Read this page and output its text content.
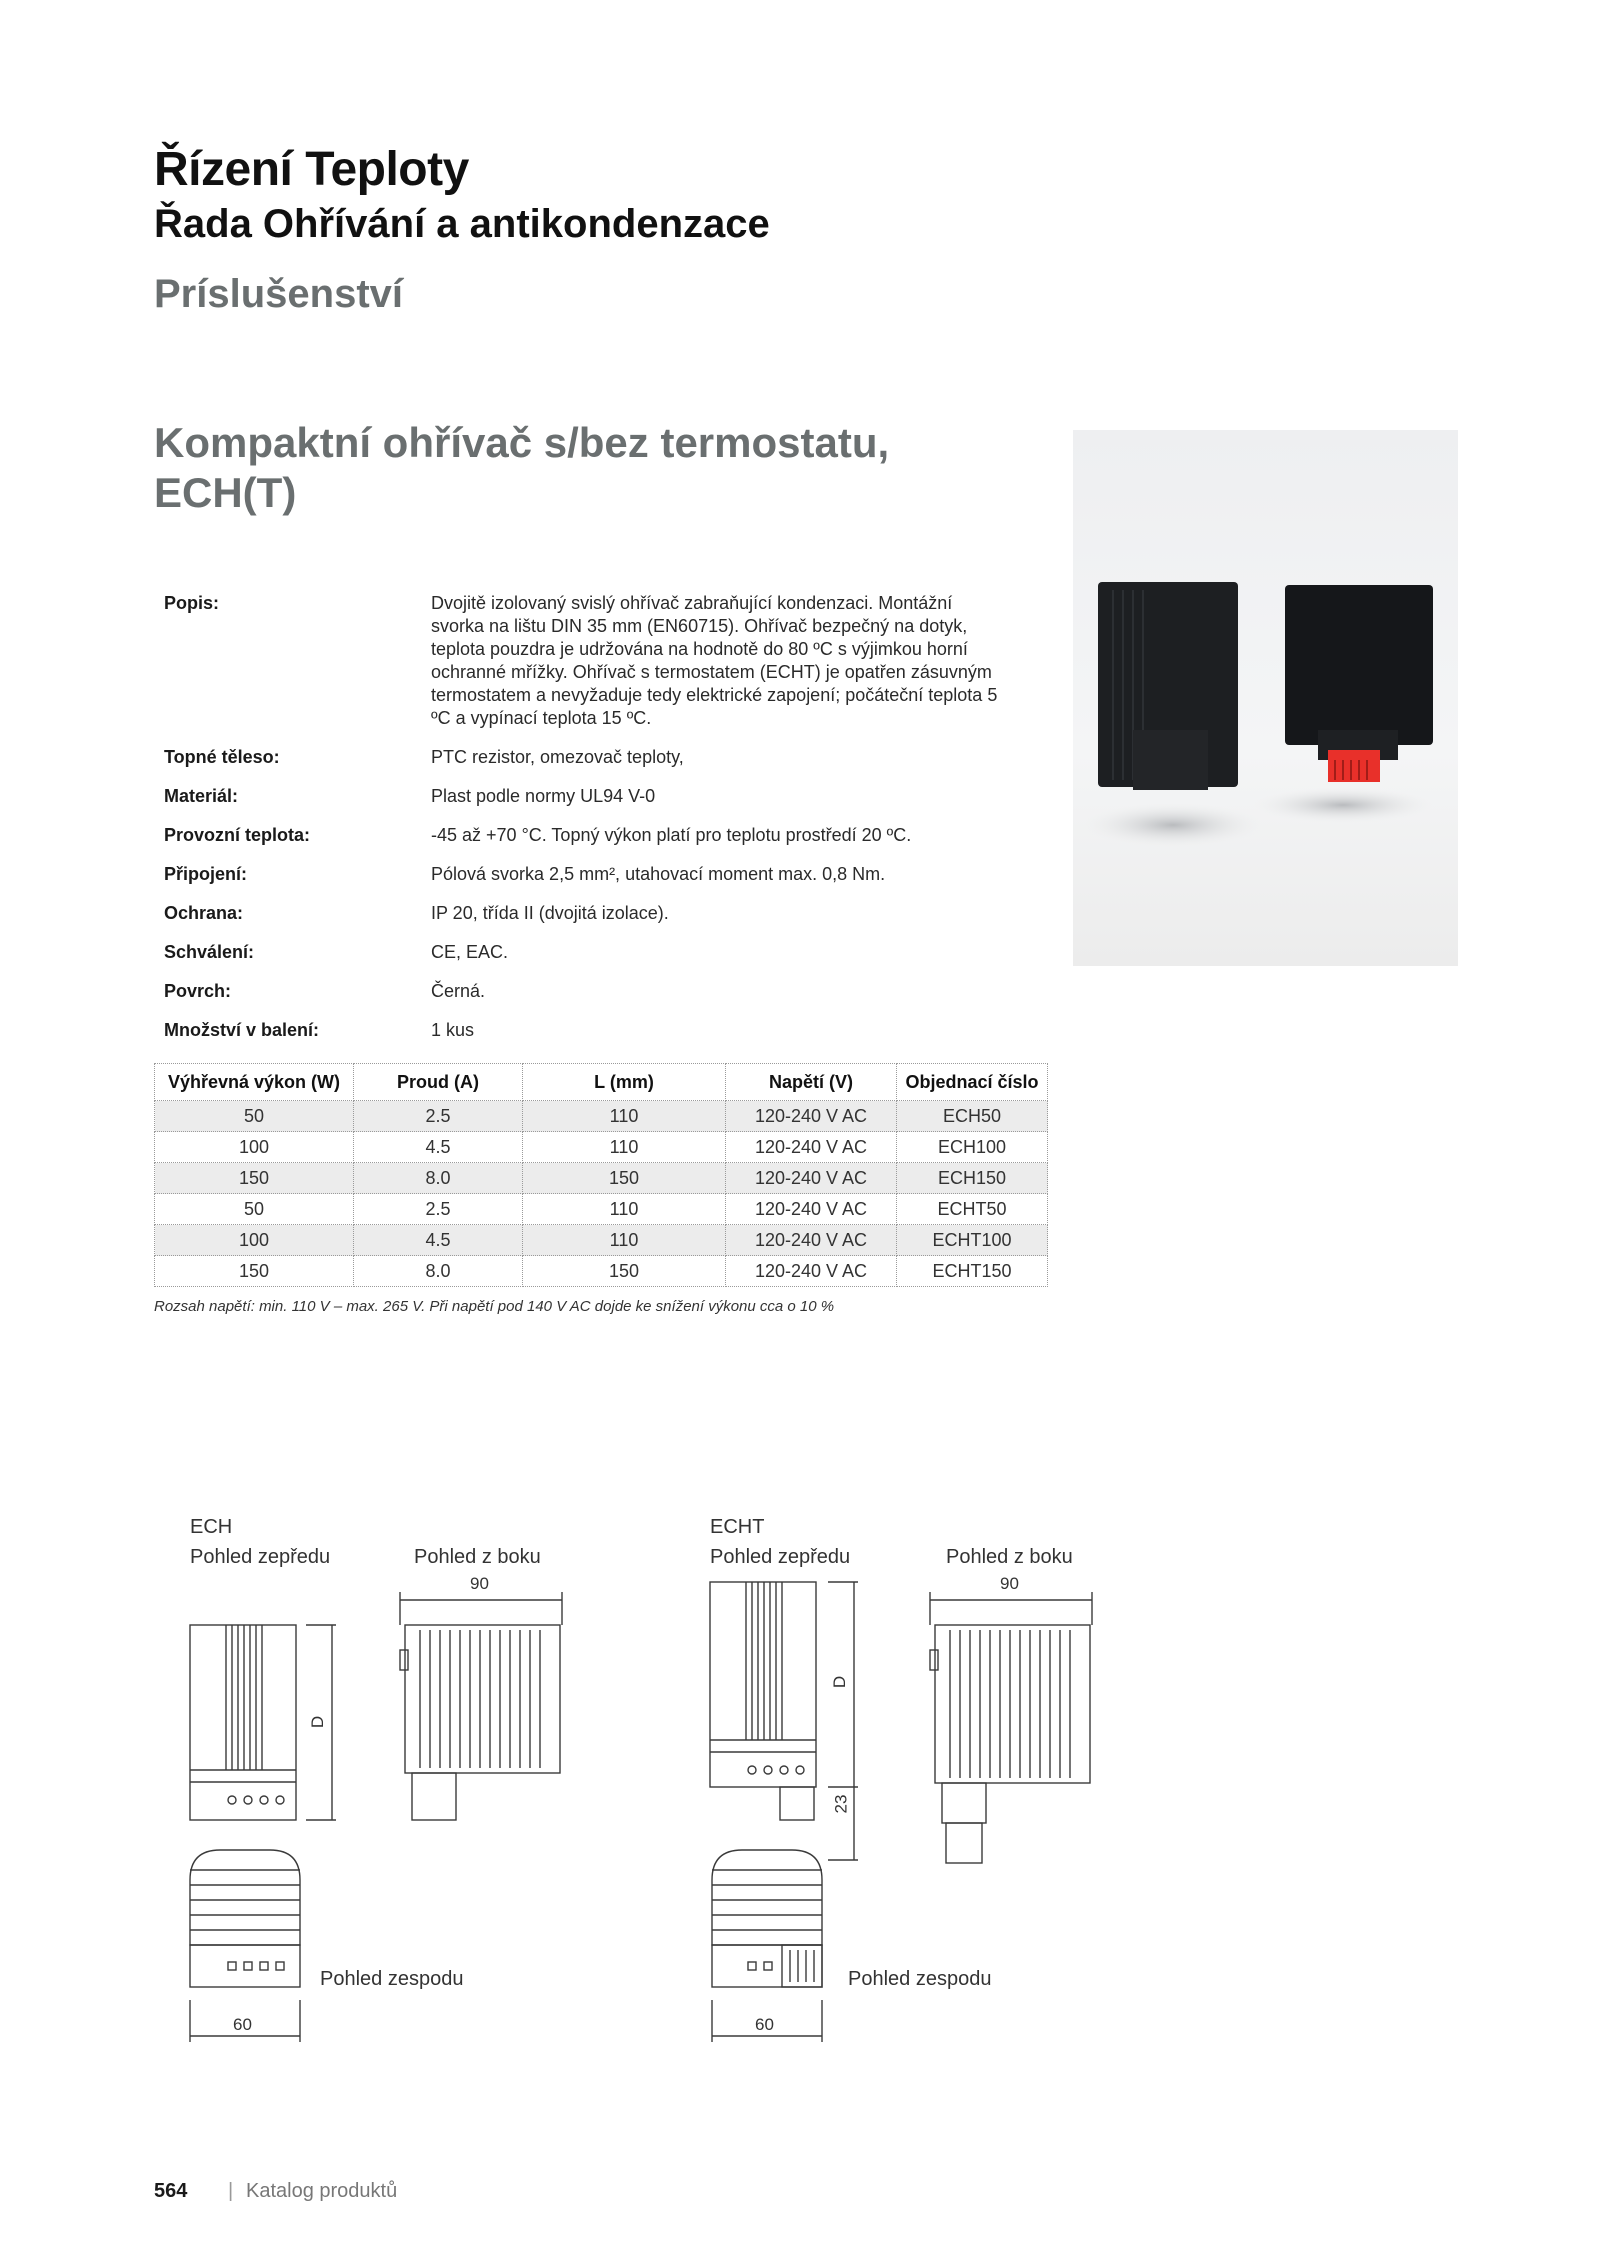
Řízení Teploty
Řada Ohřívání a antikondenzace
Príslušenství
Kompaktní ohřívač s/bez termostatu, ECH(T)
Popis:	Dvojitě izolovaný svislý ohřívač zabraňující kondenzaci. Montážní svorka na lištu DIN 35 mm (EN60715). Ohřívač bezpečný na dotyk, teplota pouzdra je udržována na hodnotě do 80 ºC s výjimkou horní ochranné mřížky. Ohřívač s termostatem (ECHT) je opatřen zásuvným termostatem a nevyžaduje tedy elektrické zapojení; počáteční teplota 5 ºC a vypínací teplota 15 ºC.
Topné těleso:	PTC rezistor, omezovač teploty,
Materiál:	Plast podle normy UL94 V-0
Provozní teplota:	-45 až +70 °C. Topný výkon platí pro teplotu prostředí 20 ºC.
Připojení:	Pólová svorka 2,5 mm², utahovací moment max. 0,8 Nm.
Ochrana:	IP 20, třída II (dvojitá izolace).
Schválení:	CE, EAC.
Povrch:	Černá.
Množství v balení:	1 kus
Výhřevná výkon (W)	Proud (A)	L (mm)	Napětí (V)	Objednací číslo
50	2.5	110	120-240 V AC	ECH50
100	4.5	110	120-240 V AC	ECH100
150	8.0	150	120-240 V AC	ECH150
50	2.5	110	120-240 V AC	ECHT50
100	4.5	110	120-240 V AC	ECHT100
150	8.0	150	120-240 V AC	ECHT150
Rozsah napětí: min. 110 V – max. 265 V. Při napětí pod 140 V AC dojde ke snížení výkonu cca o 10 %
ECH
Pohled zepředu	Pohled z boku
90
D
Pohled zespodu
60
ECHT
Pohled zepředu	Pohled z boku
90
D
23
Pohled zespodu
60
564 | Katalog produktů
